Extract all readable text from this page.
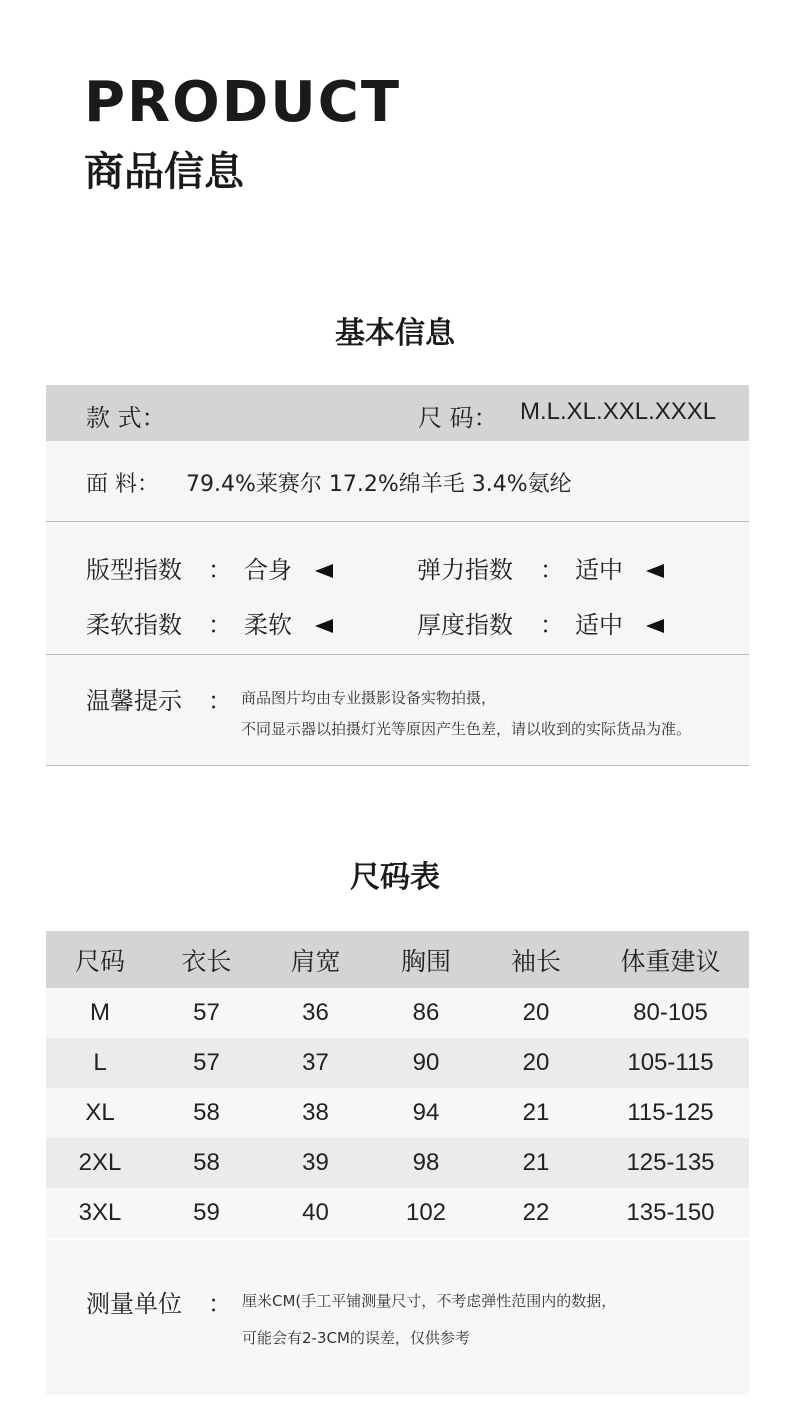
PRODUCT
商品信息
基本信息
款 式：	尺 码： M.L.XL.XXL.XXXL
面 料： 79.4%莱赛尔 17.2%绵羊毛 3.4%氨纶
版型指数 ： 合身	弹力指数 ： 适中
柔软指数 ： 柔软	厚度指数 ： 适中
温馨提示 ： 商品图片均由专业摄影设备实物拍摄，
不同显示器以拍摄灯光等原因产生色差，请以收到的实际货品为准。
尺码表
尺码	衣长	肩宽	胸围	袖长	体重建议
M	57	36	86	20	80-105
L	57	37	90	20	105-115
XL	58	38	94	21	115-125
2XL	58	39	98	21	125-135
3XL	59	40	102	22	135-150
测量单位 ： 厘米CM(手工平铺测量尺寸，不考虑弹性范围内的数据，
可能会有2-3CM的误差，仅供参考
